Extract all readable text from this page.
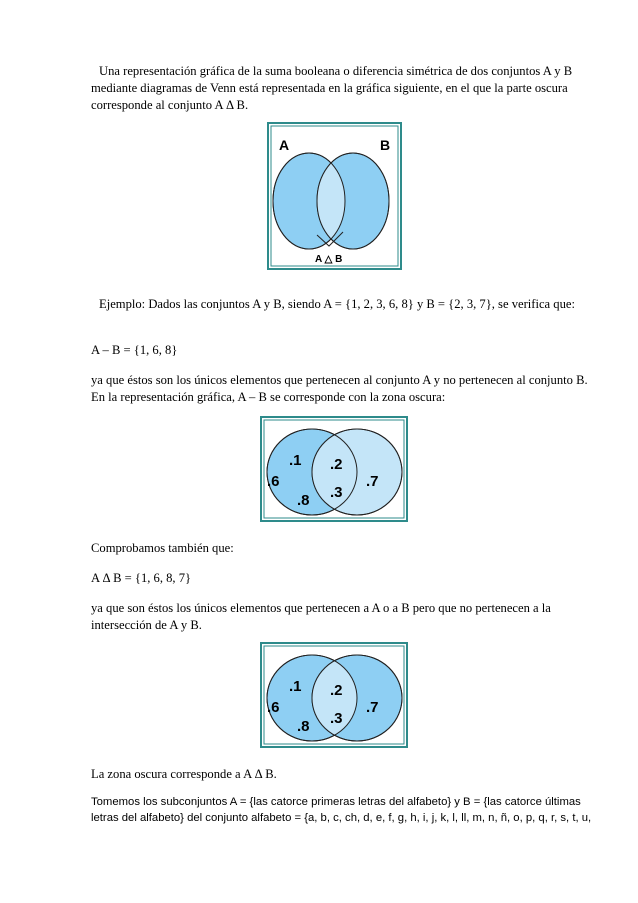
Una representación gráfica de la suma booleana o diferencia simétrica de dos conjuntos A y B mediante diagramas de Venn está representada en la gráfica siguiente, en el que la parte oscura corresponde al conjunto A Δ B.

A	B
A △ B

Ejemplo: Dados las conjuntos A y B, siendo A = {1, 2, 3, 6, 8} y B = {2, 3, 7}, se verifica que:

A – B = {1, 6, 8}

ya que éstos son los únicos elementos que pertenecen al conjunto A y no pertenecen al conjunto B. En la representación gráfica, A – B se corresponde con la zona oscura:

.1 .2
.3
.6	.7
.8

Comprobamos también que:

A Δ B = {1, 6, 8, 7}

ya que son éstos los únicos elementos que pertenecen a A o a B pero que no pertenecen a la intersección de A y B.

.1 .2
.3
.6	.7
.8

La zona oscura corresponde a A Δ B.

Tomemos los subconjuntos A = {las catorce primeras letras del alfabeto} y B = {las catorce últimas letras del alfabeto} del conjunto alfabeto = {a, b, c, ch, d, e, f, g, h, i, j, k, l, ll, m, n, ñ, o, p, q, r, s, t, u,
